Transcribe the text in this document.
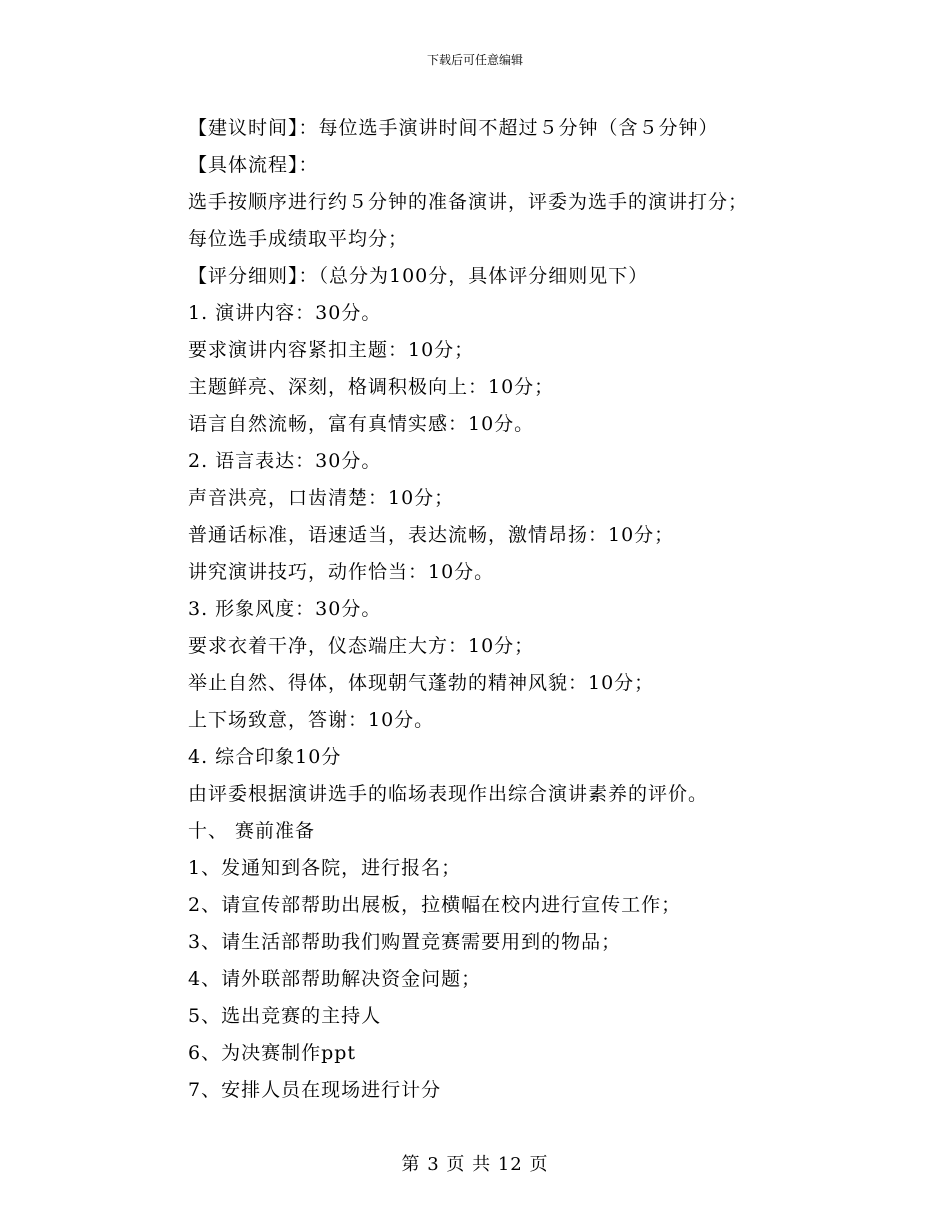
下载后可任意编辑
【建议时间】：每位选手演讲时间不超过５分钟（含５分钟）
【具体流程】：
选手按顺序进行约５分钟的准备演讲，评委为选手的演讲打分；
每位选手成绩取平均分；
【评分细则】：（总分为100分，具体评分细则见下）
1. 演讲内容：30分。
要求演讲内容紧扣主题：10分；
主题鲜亮、深刻，格调积极向上：10分；
语言自然流畅，富有真情实感：10分。
2. 语言表达：30分。
声音洪亮，口齿清楚：10分；
普通话标准，语速适当，表达流畅，激情昂扬：10分；
讲究演讲技巧，动作恰当：10分。
3. 形象风度：30分。
要求衣着干净，仪态端庄大方：10分；
举止自然、得体，体现朝气蓬勃的精神风貌：10分；
上下场致意，答谢：10分。
4. 综合印象10分
由评委根据演讲选手的临场表现作出综合演讲素养的评价。
十、 赛前准备
1、发通知到各院，进行报名；
2、请宣传部帮助出展板，拉横幅在校内进行宣传工作；
3、请生活部帮助我们购置竞赛需要用到的物品；
4、请外联部帮助解决资金问题；
5、选出竞赛的主持人
6、为决赛制作ppt
7、安排人员在现场进行计分
第 3 页 共 12 页
